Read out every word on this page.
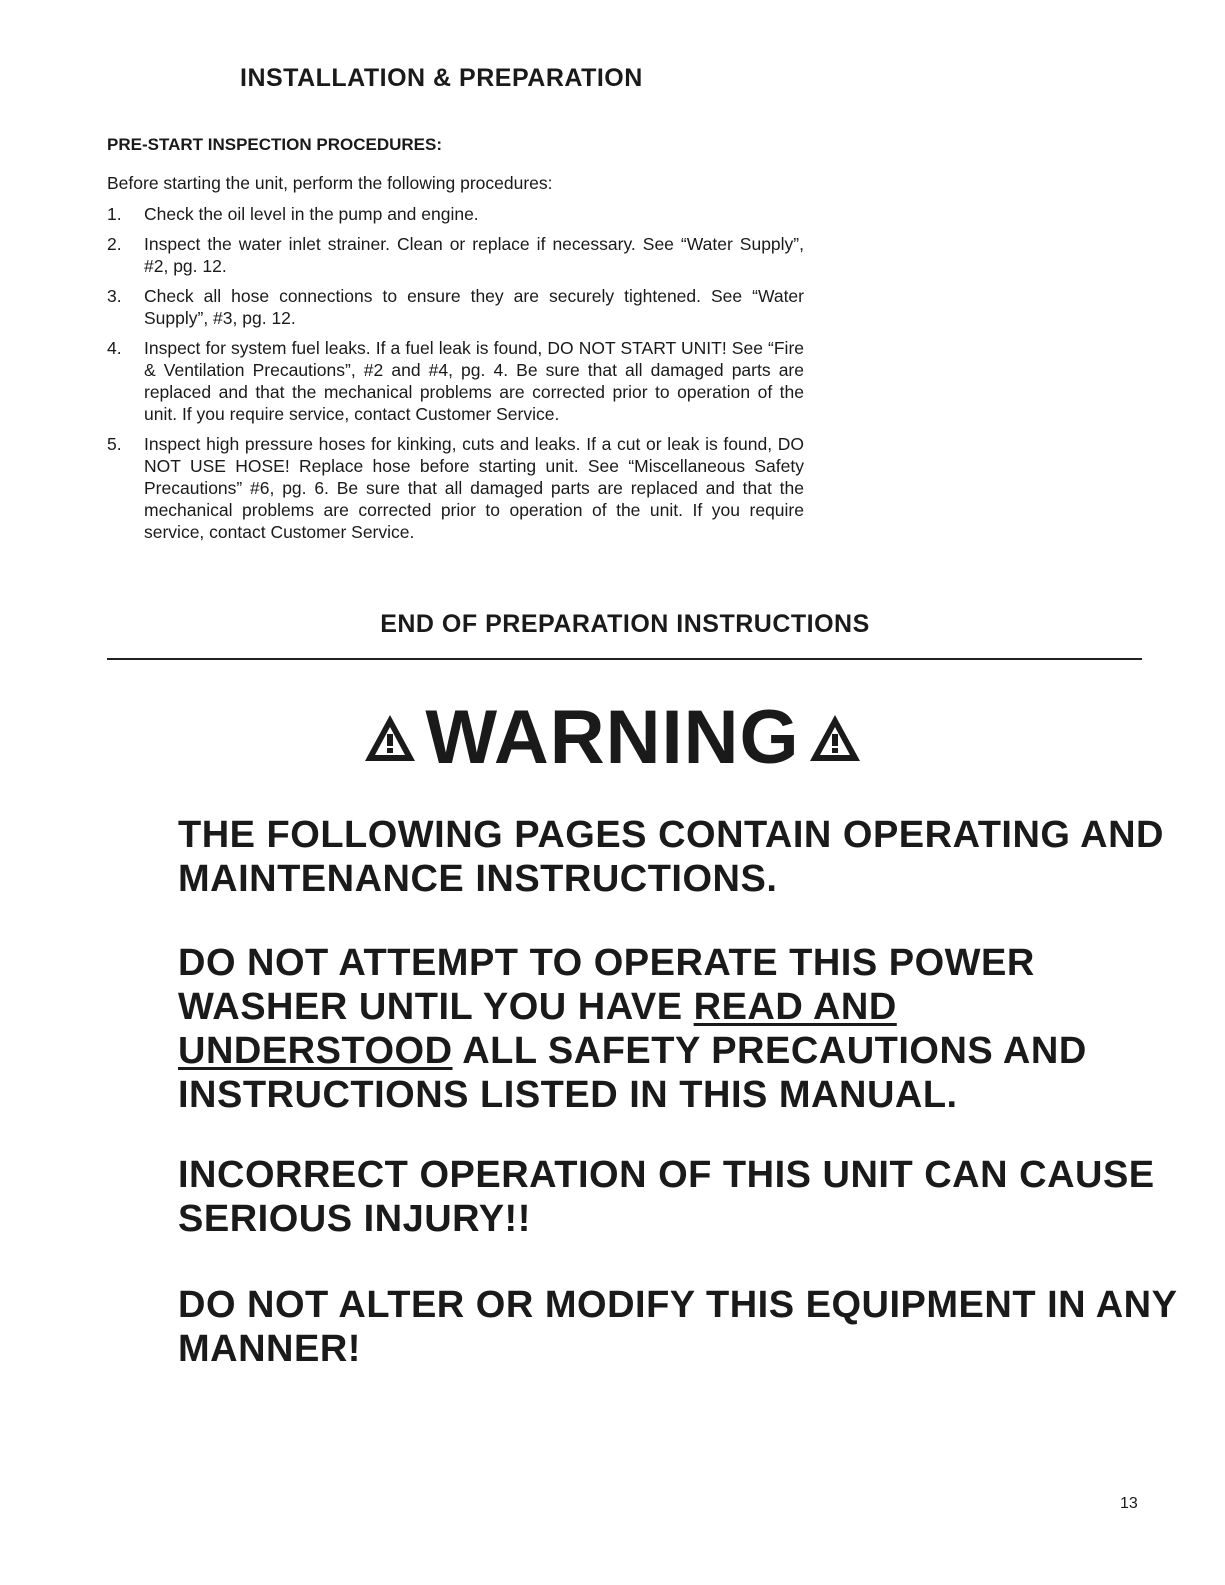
INSTALLATION & PREPARATION
PRE-START INSPECTION PROCEDURES:

Before starting the unit, perform the following procedures:

1.	Check the oil level in the pump and engine.
2.	Inspect the water inlet strainer. Clean or replace if necessary. See “Water Supply”, #2, pg. 12.
3.	Check all hose connections to ensure they are securely tightened. See “Water Supply”, #3, pg. 12.
4.	Inspect for system fuel leaks. If a fuel leak is found, DO NOT START UNIT! See “Fire & Ventilation Precautions”, #2 and #4, pg. 4. Be sure that all damaged parts are replaced and that the mechanical problems are corrected prior to operation of the unit. If you require service, contact Customer Service.
5.	Inspect high pressure hoses for kinking, cuts and leaks. If a cut or leak is found, DO NOT USE HOSE! Replace hose before starting unit. See “Miscellaneous Safety Precautions” #6, pg. 6. Be sure that all damaged parts are replaced and that the mechanical problems are corrected prior to operation of the unit. If you require service, contact Customer Service.
END OF PREPARATION INSTRUCTIONS
WARNING

THE FOLLOWING PAGES CONTAIN OPERATING AND MAINTENANCE INSTRUCTIONS.

DO NOT ATTEMPT TO OPERATE THIS POWER WASHER UNTIL YOU HAVE READ AND UNDERSTOOD ALL SAFETY PRECAUTIONS AND INSTRUCTIONS LISTED IN THIS MANUAL.

INCORRECT OPERATION OF THIS UNIT CAN CAUSE SERIOUS INJURY!!

DO NOT ALTER OR MODIFY THIS EQUIPMENT IN ANY MANNER!

13
